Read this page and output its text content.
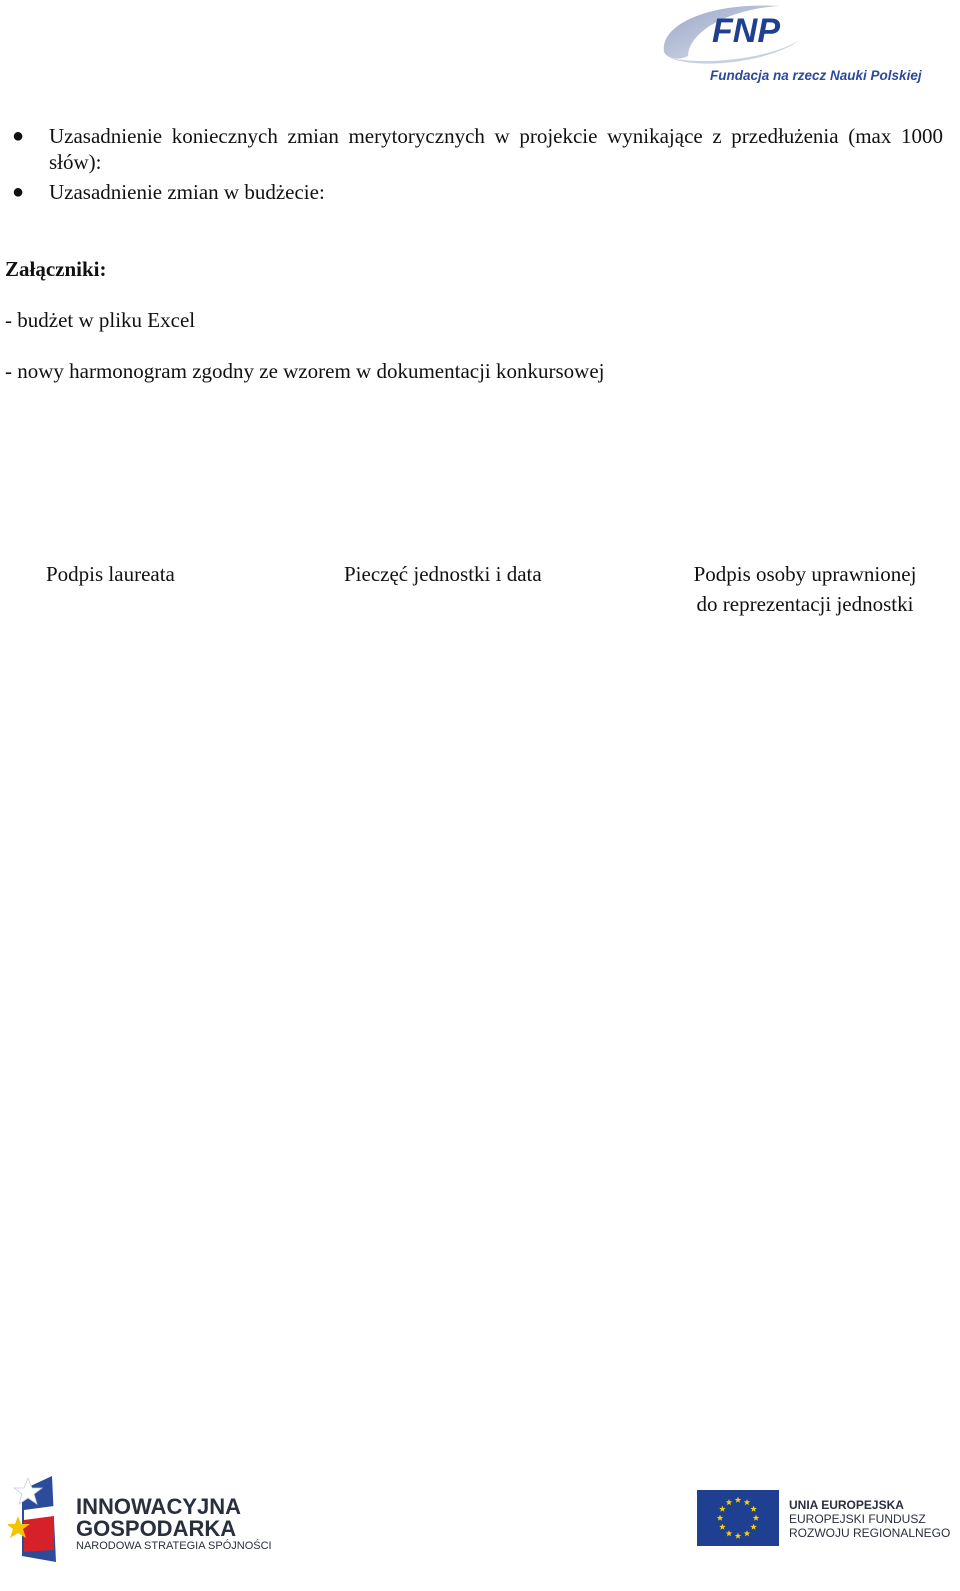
FNP
Fundacja na rzecz Nauki Polskiej
● Uzasadnienie koniecznych zmian merytorycznych w projekcie wynikające z przedłużenia (max 1000 słów):
● Uzasadnienie zmian w budżecie:
Załączniki:
- budżet w pliku Excel
- nowy harmonogram zgodny ze wzorem w dokumentacji konkursowej
Podpis laureata	Pieczęć jednostki i data	Podpis osoby uprawnionej
do reprezentacji jednostki
INNOWACYJNA
GOSPODARKA
NARODOWA STRATEGIA SPÓJNOŚCI
UNIA EUROPEJSKA
EUROPEJSKI FUNDUSZ
ROZWOJU REGIONALNEGO
